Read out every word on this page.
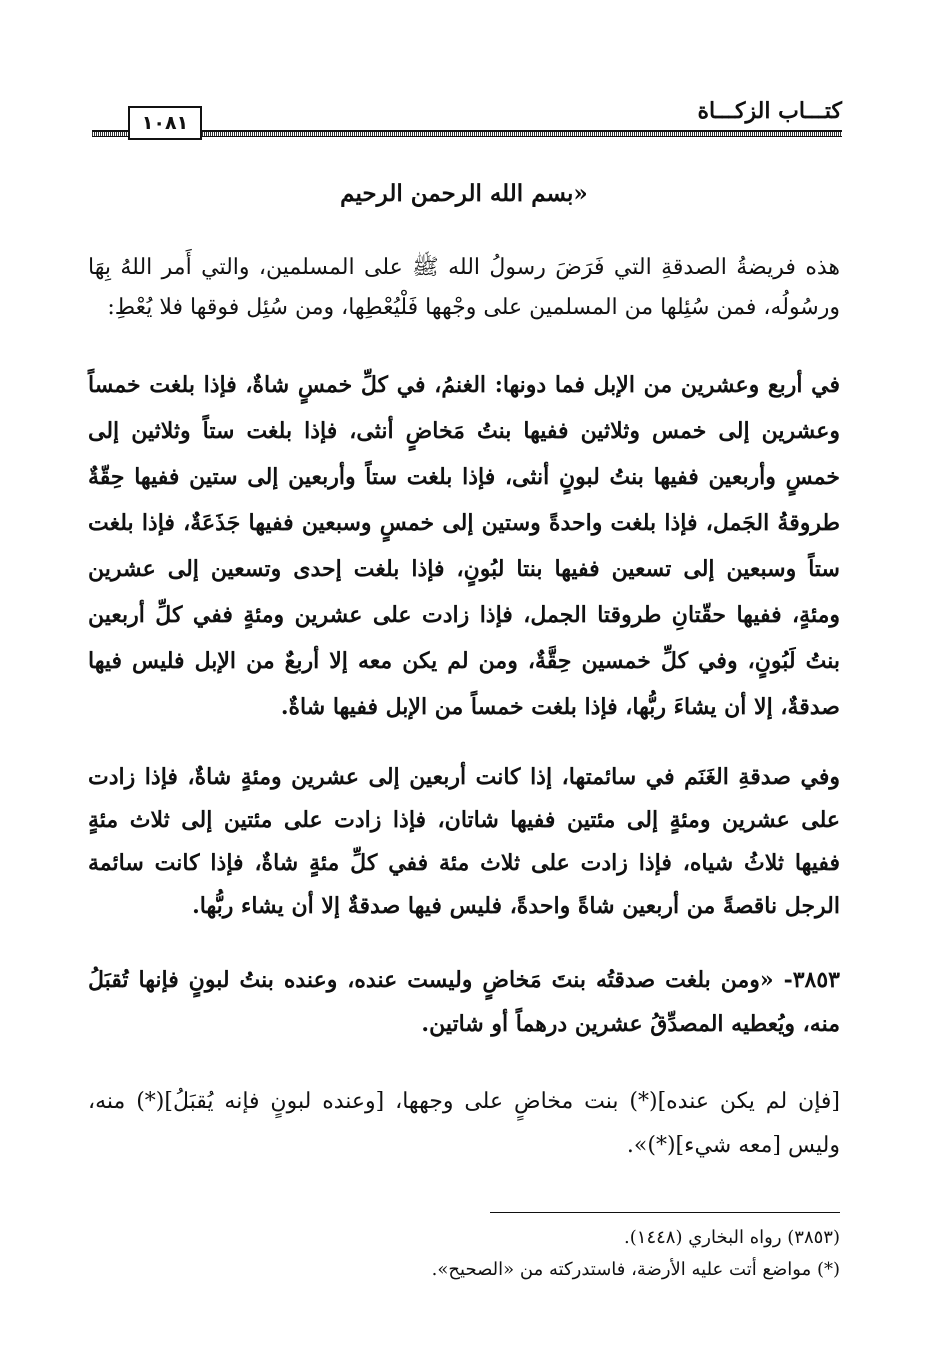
كتـــاب الزكـــاة
١٠٨١
«بسم الله الرحمن الرحيم

هذه فريضةُ الصدقةِ التي فَرَضَ رسولُ الله ﷺ على المسلمين، والتي أَمر اللهُ بِهَا ورسُولُه، فمن سُئِلها من المسلمين على وجْهها فَلْيُعْطِها، ومن سُئِل فوقها فلا يُعْطِ:

في أربع وعشرين من الإبل فما دونها: الغنمُ، في كلِّ خمسٍ شاةٌ، فإذا بلغت خمساً وعشرين إلى خمس وثلاثين ففيها بنتُ مَخاضٍ أنثى، فإذا بلغت ستاً وثلاثين إلى خمسٍ وأربعين ففيها بنتُ لبونٍ أنثى، فإذا بلغت ستاً وأربعين إلى ستين ففيها حِقّةٌ طروقةُ الجَمل، فإذا بلغت واحدةً وستين إلى خمسٍ وسبعين ففيها جَذَعَةٌ، فإذا بلغت ستاً وسبعين إلى تسعين ففيها بنتا لبُونٍ، فإذا بلغت إحدى وتسعين إلى عشرين ومئةٍ، ففيها حقّتانِ طروقتا الجمل، فإذا زادت على عشرين ومئةٍ ففي كلِّ أربعين بنتُ لَبُونٍ، وفي كلِّ خمسين حِقَّةٌ، ومن لم يكن معه إلا أربعٌ من الإبل فليس فيها صدقةٌ، إلا أن يشاءَ ربُّها، فإذا بلغت خمساً من الإبل ففيها شاةٌ.

وفي صدقةِ الغَنَم في سائمتها، إذا كانت أربعين إلى عشرين ومئةٍ شاةٌ، فإذا زادت على عشرين ومئةٍ إلى مئتين ففيها شاتان، فإذا زادت على مئتين إلى ثلاث مئةٍ ففيها ثلاثُ شياه، فإذا زادت على ثلاث مئة ففي كلِّ مئةٍ شاةٌ، فإذا كانت سائمة الرجل ناقصةً من أربعين شاةً واحدةً، فليس فيها صدقةٌ إلا أن يشاء ربُّها.

٣٨٥٣- «ومن بلغت صدقتُه بنتَ مَخاضٍ وليست عنده، وعنده بنتُ لبونٍ فإنها تُقبَلُ منه، ويُعطيه المصدِّقُ عشرين درهماً أو شاتين.

[فإن لم يكن عنده](*) بنت مخاضٍ على وجهها، [وعنده لبونٍ فإنه يُقبَلُ](*) منه، وليس [معه شيء](*)».

(٣٨٥٣) رواه البخاري (١٤٤٨).

(*) مواضع أتت عليه الأرضة، فاستدركته من «الصحيح».
